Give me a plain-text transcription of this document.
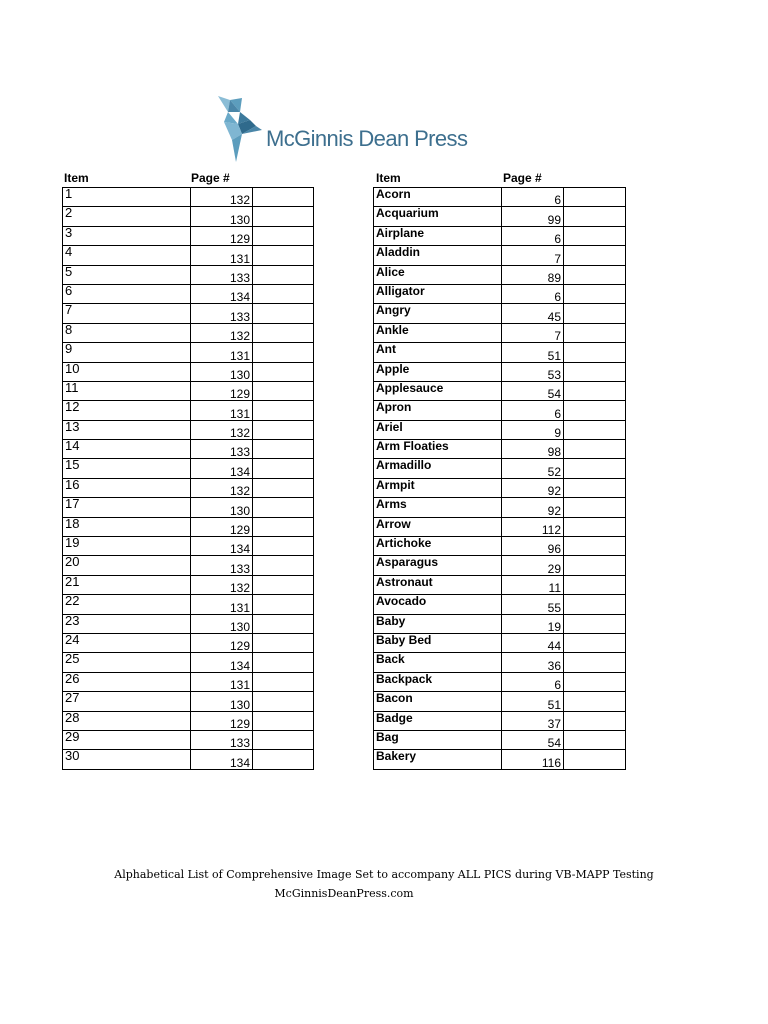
McGinnis Dean Press
Item	Page #	Item	Page #
1	132	
2	130	
3	129	
4	131	
5	133	
6	134	
7	133	
8	132	
9	131	
10	130	
11	129	
12	131	
13	132	
14	133	
15	134	
16	132	
17	130	
18	129	
19	134	
20	133	
21	132	
22	131	
23	130	
24	129	
25	134	
26	131	
27	130	
28	129	
29	133	
30	134	
Acorn	6	
Acquarium	99	
Airplane	6	
Aladdin	7	
Alice	89	
Alligator	6	
Angry	45	
Ankle	7	
Ant	51	
Apple	53	
Applesauce	54	
Apron	6	
Ariel	9	
Arm Floaties	98	
Armadillo	52	
Armpit	92	
Arms	92	
Arrow	112	
Artichoke	96	
Asparagus	29	
Astronaut	11	
Avocado	55	
Baby	19	
Baby Bed	44	
Back	36	
Backpack	6	
Bacon	51	
Badge	37	
Bag	54	
Bakery	116	
Alphabetical List of Comprehensive Image Set to accompany ALL PICS during VB-MAPP Testing
McGinnisDeanPress.com
